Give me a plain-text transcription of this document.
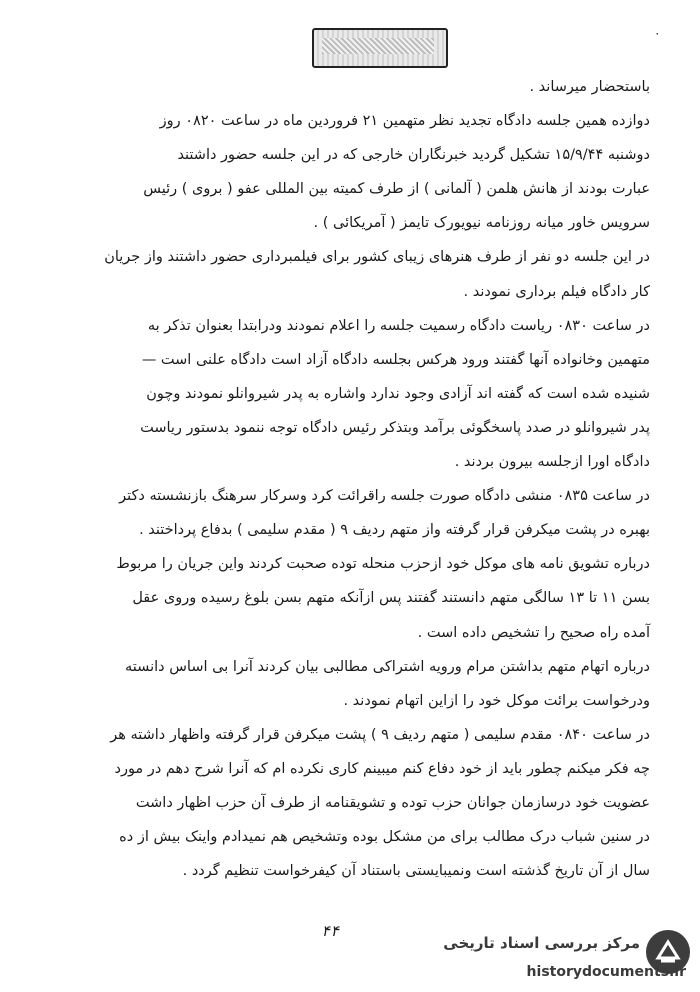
۰
باستحضار میرساند .
دوازده همین جلسه دادگاه تجدید نظر متهمین ۲۱ فروردین ماه در ساعت ۰۸۲۰ روز
دوشنبه ۱۵/۹/۴۴ تشکیل گردید خبرنگاران خارجی که در این جلسه حضور داشتند
عبارت بودند از هانش هلمن ( آلمانی ) از طرف کمیته بین المللی عفو ( بروی ) رئیس
سرویس خاور میانه روزنامه نیویورک تایمز ( آمریکائی ) .
در این جلسه دو نفر از طرف هنرهای زیبای کشور برای فیلمبرداری حضور داشتند واز جریان
کار دادگاه فیلم برداری نمودند .
در ساعت ۰۸۳۰ ریاست دادگاه رسمیت جلسه را اعلام نمودند ودرابتدا بعنوان تذکر به
متهمین وخانواده آنها گفتند ورود هرکس بجلسه دادگاه آزاد است دادگاه علنی است —
شنیده شده است که گفته اند آزادی وجود ندارد واشاره به پدر شیروانلو نمودند وچون
پدر شیروانلو در صدد پاسخگوئی برآمد وبتذکر رئیس دادگاه توجه ننمود بدستور ریاست
دادگاه اورا ازجلسه بیرون بردند .
در ساعت ۰۸۳۵ منشی دادگاه صورت جلسه راقرائت کرد وسرکار سرهنگ بازنشسته دکتر
بهبره در پشت میکرفن قرار گرفته واز متهم ردیف ۹ ( مقدم سلیمی ) بدفاع پرداختند .
درباره تشویق نامه های موکل خود ازحزب منحله توده صحبت کردند واین جریان را مربوط
بسن ۱۱ تا ۱۳ سالگی متهم دانستند گفتند پس ازآنکه متهم بسن بلوغ رسیده وروی عقل
آمده راه صحیح را تشخیص داده است .
درباره اتهام متهم بداشتن مرام ورویه اشتراکی مطالبی بیان کردند آنرا بی اساس دانسته
ودرخواست برائت موکل خود را ازاین اتهام نمودند .
در ساعت ۰۸۴۰ مقدم سلیمی ( متهم ردیف ۹ ) پشت میکرفن قرار گرفته واظهار داشته هر
چه فکر میکنم چطور باید از خود دفاع کنم میبینم کاری نکرده ام که آنرا شرح دهم در مورد
عضویت خود درسازمان جوانان حزب توده و تشویقنامه از طرف آن حزب اظهار داشت
در سنین شباب درک مطالب برای من مشکل بوده وتشخیص هم نمیدادم واینک بیش از ده
سال از آن تاریخ گذشته است ونمیبایستی باستناد آن کیفرخواست تنظیم گردد .
۴۴
مرکز بررسی اسناد تاریخی
historydocuments.ir
